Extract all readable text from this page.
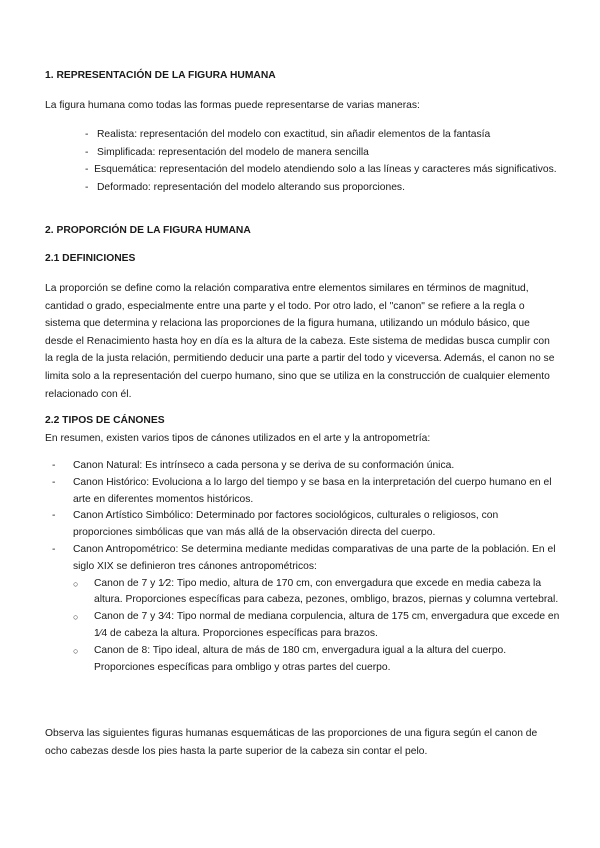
1. REPRESENTACIÓN DE LA FIGURA HUMANA
La figura humana como todas las formas puede representarse de varias maneras:
- Realista: representación del modelo con exactitud, sin añadir elementos de la fantasía
- Simplificada: representación del modelo de manera sencilla
-  Esquemática: representación del modelo atendiendo solo a las líneas y caracteres más significativos.
- Deformado: representación del modelo alterando sus proporciones.
2. PROPORCIÓN DE LA FIGURA HUMANA
2.1 DEFINICIONES
La proporción se define como la relación comparativa entre elementos similares en términos de magnitud, cantidad o grado, especialmente entre una parte y el todo. Por otro lado, el "canon" se refiere a la regla o sistema que determina y relaciona las proporciones de la figura humana, utilizando un módulo básico, que desde el Renacimiento hasta hoy en día es la altura de la cabeza. Este sistema de medidas busca cumplir con la regla de la justa relación, permitiendo deducir una parte a partir del todo y viceversa. Además, el canon no se limita solo a la representación del cuerpo humano, sino que se utiliza en la construcción de cualquier elemento relacionado con él.
2.2 TIPOS DE CÁNONES
En resumen, existen varios tipos de cánones utilizados en el arte y la antropometría:
- Canon Natural: Es intrínseco a cada persona y se deriva de su conformación única.
- Canon Histórico: Evoluciona a lo largo del tiempo y se basa en la interpretación del cuerpo humano en el arte en diferentes momentos históricos.
- Canon Artístico Simbólico: Determinado por factores sociológicos, culturales o religiosos, con proporciones simbólicas que van más allá de la observación directa del cuerpo.
- Canon Antropométrico: Se determina mediante medidas comparativas de una parte de la población. En el siglo XIX se definieron tres cánones antropométricos:
○ Canon de 7 y 1⁄2: Tipo medio, altura de 170 cm, con envergadura que excede en media cabeza la altura. Proporciones específicas para cabeza, pezones, ombligo, brazos, piernas y columna vertebral.
○ Canon de 7 y 3⁄4: Tipo normal de mediana corpulencia, altura de 175 cm, envergadura que excede en 1⁄4 de cabeza la altura. Proporciones específicas para brazos.
○ Canon de 8: Tipo ideal, altura de más de 180 cm, envergadura igual a la altura del cuerpo. Proporciones específicas para ombligo y otras partes del cuerpo.
Observa las siguientes figuras humanas esquemáticas de las proporciones de una figura según el canon de ocho cabezas desde los pies hasta la parte superior de la cabeza sin contar el pelo.
